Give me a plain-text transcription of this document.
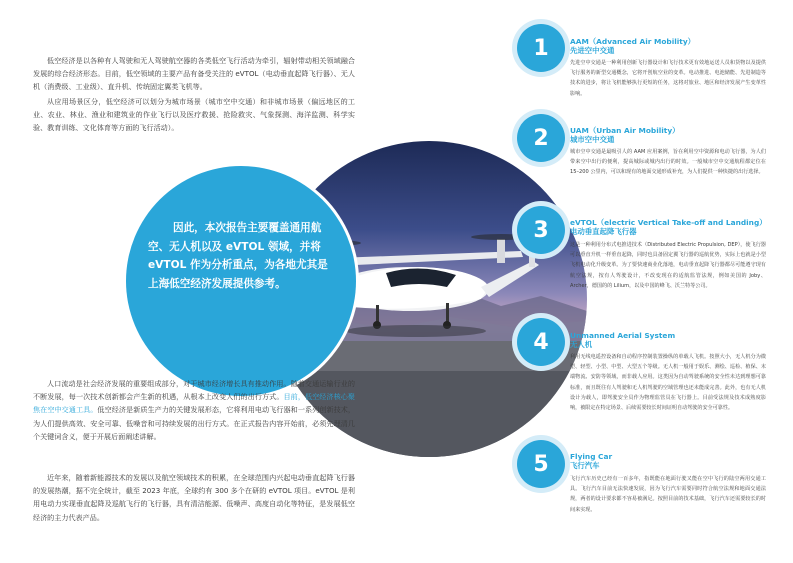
低空经济是以各种有人驾驶和无人驾驶航空器的各类低空飞行活动为牵引，辐射带动相关领域融合发展的综合经济形态。目前，低空领域的主要产品有备受关注的 eVTOL（电动垂直起降飞行器）、无人机（消费级、工业级）、直升机、传统固定翼类飞机等。

从应用场景区分，低空经济可以划分为城市场景（城市空中交通）和非城市场景（偏远地区的工业、农业、林业、渔业和建筑业的作业飞行以及医疗救援、抢险救灾、气象探测、海洋监测、科学实验、教育训练、文化体育等方面的飞行活动）。

因此，本次报告主要覆盖通用航空、无人机以及 eVTOL 领域，并将 eVTOL 作为分析重点，为各地尤其是上海低空经济发展提供参考。

人口流动是社会经济发展的重要组成部分，对于城市经济增长具有推动作用。随着交通运输行业的不断发展，每一次技术创新都会产生新的机遇，从根本上改变人们的出行方式。目前，低空经济核心聚焦在空中交通工具。低空经济是新质生产力的关键发展形态，它将利用电动飞行器和一系列创新技术，为人们提供高效、安全可靠、低噪音和可持续发展的出行方式。在正式报告内容开始前，必须先理清几个关键词含义，便于开展后面阐述讲解。

近年来，随着新能源技术的发展以及航空领域技术的积累，在全球范围内兴起电动垂直起降飞行器的发展热潮，据不完全统计，截至 2023 年底，全球约有 300 多个在研的 eVTOL 项目。eVTOL 是利用电动力实现垂直起降及巡航飞行的飞行器，具有清洁能源、低噪声、高度自动化等特征，是发展低空经济的主力代表产品。

1	AAM（Advanced Air Mobility）
先进空中交通

先进空中交通是一种利用创新飞行器设计和飞行技术更有效地运送人员和货物以及提供飞行服务的新型交通概念，它将开创航空业的变革。电动推进、电池储能、先进制造等技术的进步，将让飞机能够执行更短的任务，这将对旅业、地区和经济发展产生变革性影响。

2	UAM（Urban Air Mobility）
城市空中交通

城市空中交通是最吸引人的 AAM 应用案例，旨在利用空中资源和电动飞行器，为人们带来空中出行的便利，提高城际或城内出行的时效。一般城市空中交通航程都定位在 15–200 公里内，可以和现有的地面交通形成补充，为人们提供一种快捷的出行选择。

3	eVTOL（electric Vertical Take-off and Landing）
电动垂直起降飞行器

这是一种利用分布式电推进技术（Distributed Electric Propulsion, DEP），使飞行器可以垂直升机一样垂直起降，同时也具备固定翼飞行器的巡航优势，实际上也就是小型飞机电动化升级变革。为了要快速商业化落地，电动垂直起降飞行器都尽可能遵守现有航空法规，按有人驾驶设计，不改变现在的适航监管法规，例如美国的 Joby、Archer，德国的的 Lilium，以及中国的峰飞、沃兰特等公司。

4	Unmanned Aerial System
无人机

利用无线电遥控设备和自动程序控制装置操纵的单载人飞机。按照大小，无人机分为微型、轻型、小型、中型、大型五个等级。无人机一般用于娱乐、测绘、巡检、植保、末端物流、安防等领域，而非载人应用。这类因为自动驾驶系统的安全性未达到理想可靠标准，而且既往有人驾驶和无人机驾驶的空域管理也还未能成完善。此外，也有无人机设计为载人，即驾驶安全员作为物理监管员在飞行器上。目前受法规及技术成熟度影响，被限定在特定场景、后续需要较长时间证明自动驾驶的安全可靠性。

5	Flying Car
飞行汽车

飞行汽车历史已经有一百多年，指既能在地面行驶又能在空中飞行的陆空两用交通工具。飞行汽车目前无法快速发展，因为飞行汽车需要同时符合航空法规和地面交通法规，两者的设计要求都不容易被满足。按照目前的技术基础，飞行汽车还需要较长的时间来实现。
